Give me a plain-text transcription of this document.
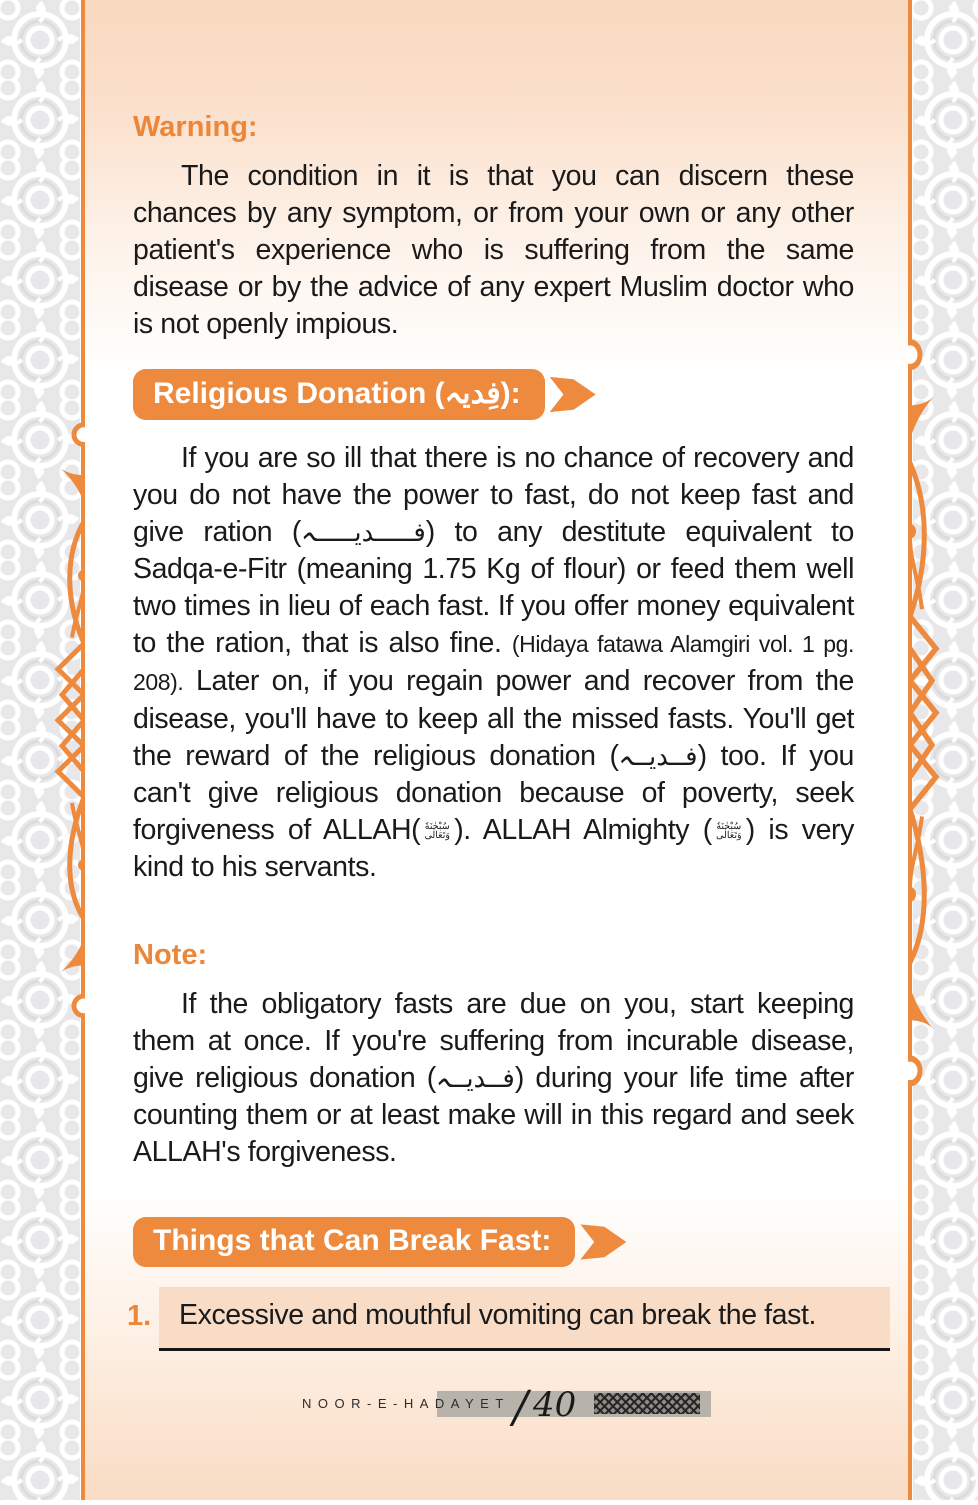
Warning:

The condition in it is that you can discern these chances by any symptom, or from your own or any other patient's experience who is suffering from the same disease or by the advice of any expert Muslim doctor who is not openly impious.

Religious Donation (فِدیہ):

If you are so ill that there is no chance of recovery and you do not have the power to fast, do not keep fast and give ration (فـــــدیـــــہ) to any destitute equivalent to Sadqa-e-Fitr (meaning 1.75 Kg of flour) or feed them well two times in lieu of each fast. If you offer money equivalent to the ration, that is also fine. (Hidaya fatawa Alamgiri vol. 1 pg. 208). Later on, if you regain power and recover from the disease, you'll have to keep all the missed fasts. You'll get the reward of the religious donation (فــدیــہ) too. If you can't give religious donation because of poverty, seek forgiveness of ALLAH( سُبْحٰنَهٗ وَتَعَالٰى ). ALLAH Almighty ( سُبْحٰنَهٗ وَتَعَالٰى ) is very kind to his servants.

Note:

If the obligatory fasts are due on you, start keeping them at once. If you're suffering from incurable disease, give religious donation (فــدیــہ) during your life time after counting them or at least make will in this regard and seek ALLAH's forgiveness.

Things that Can Break Fast:
1. Excessive and mouthful vomiting can break the fast.
NOOR-E-HADAYET / 40
